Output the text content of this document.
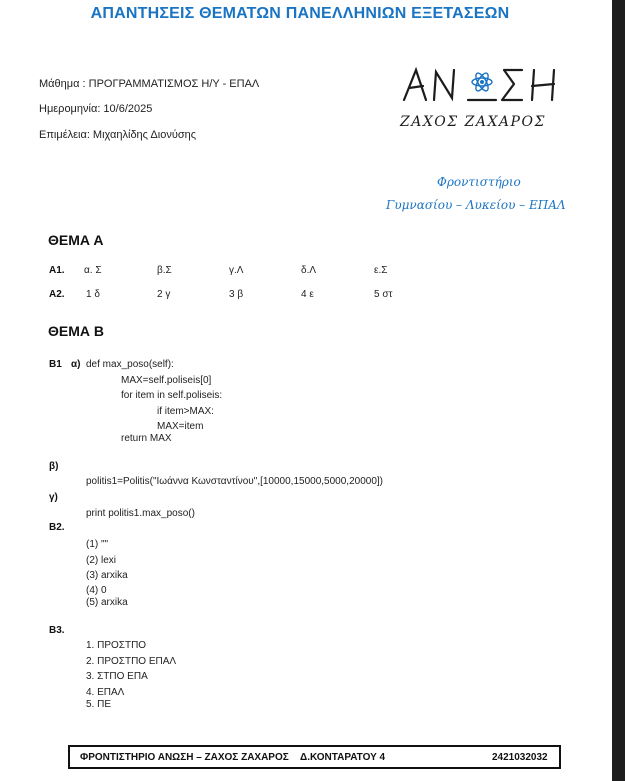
ΑΠΑΝΤΗΣΕΙΣ ΘΕΜΑΤΩΝ ΠΑΝΕΛΛΗΝΙΩΝ ΕΞΕΤΑΣΕΩΝ
Μάθημα : ΠΡΟΓΡΑΜΜΑΤΙΣΜΟΣ Η/Υ - ΕΠΑΛ
Ημερομηνία: 10/6/2025
Επιμέλεια: Μιχαηλίδης Διονύσης
ΖΑΧΟΣ ΖΑΧΑΡΟΣ
Φροντιστήριο
Γυμνασίου – Λυκείου – ΕΠΑΛ
ΘΕΜΑ Α
Α1. α. Σ	β.Σ	γ.Λ	δ.Λ	ε.Σ
Α2. 1 δ	2 γ	3 β	4 ε	5 στ
ΘΕΜΑ Β
Β1 α) def max_poso(self):
MAX=self.poliseis[0]
for item in self.poliseis:
if item>MAX:
MAX=item
return MAX
β)
politis1=Politis("Ιωάννα Κωνσταντίνου",[10000,15000,5000,20000])
γ)
print politis1.max_poso()
Β2.
(1) ""
(2) lexi
(3) arxika
(4) 0
(5) arxika
Β3.
1. ΠΡΟΣΤΠΟ
2. ΠΡΟΣΤΠΟ ΕΠΑΛ
3. ΣΤΠΟ ΕΠΑ
4. ΕΠΑΛ
5. ΠΕ
ΦΡΟΝΤΙΣΤΗΡΙΟ ΑΝΩΣΗ – ΖΑΧΟΣ ΖΑΧΑΡΟΣ Δ.ΚΟΝΤΑΡΑΤΟΥ 4	2421032032
